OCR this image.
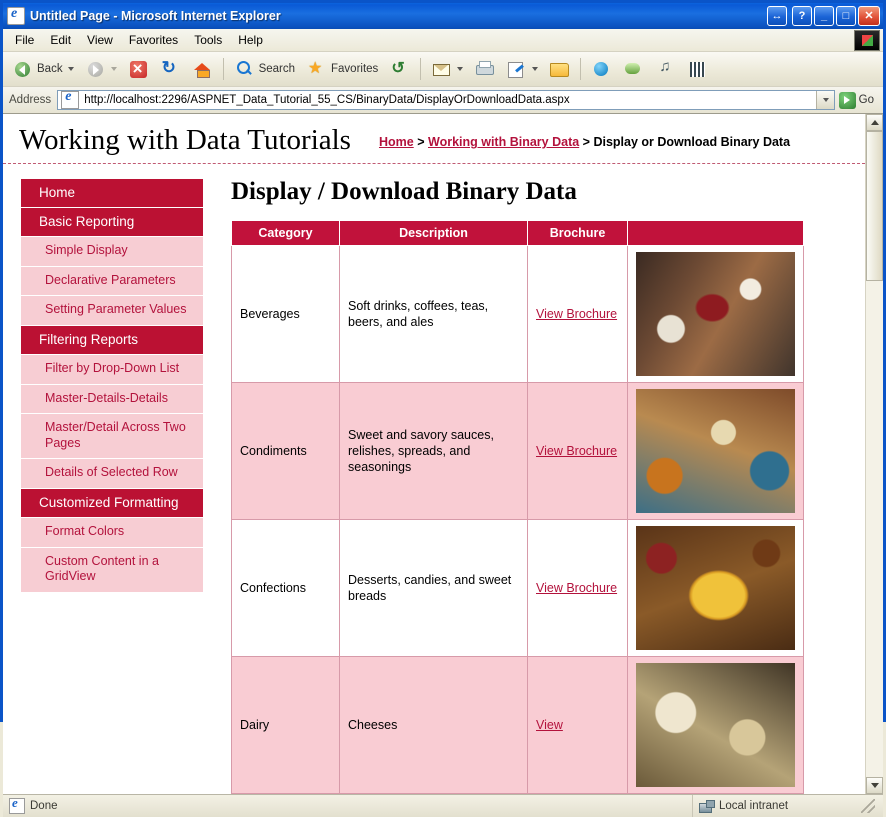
e
Untitled Page - Microsoft Internet Explorer	↔	?	_	□	✕
File	Edit	View	Favorites	Tools	Help
Back × ↻	Search ★	Favorites
↺
♫
Address e
http://localhost:2296/ASPNET_Data_Tutorial_55_CS/BinaryData/DisplayOrDownloadData.aspx	Go
Working with Data Tutorials Home > Working with Binary Data > Display or Download Binary Data
Home
Basic Reporting
Simple Display
Declarative Parameters
Setting Parameter Values
Filtering Reports
Filter by Drop-Down List
Master-Details-Details
Master/Detail Across Two Pages
Details of Selected Row
Customized Formatting
Format Colors
Custom Content in a GridView
Display / Download Binary Data
Category	Description	Brochure	
Beverages	Soft drinks, coffees, teas, beers, and ales	View Brochure	

Condiments	Sweet and savory sauces, relishes, spreads, and seasonings	View Brochure	

Confections	Desserts, candies, and sweet breads	View Brochure	

Dairy	Cheeses	View	
e
Done	Local intranet
